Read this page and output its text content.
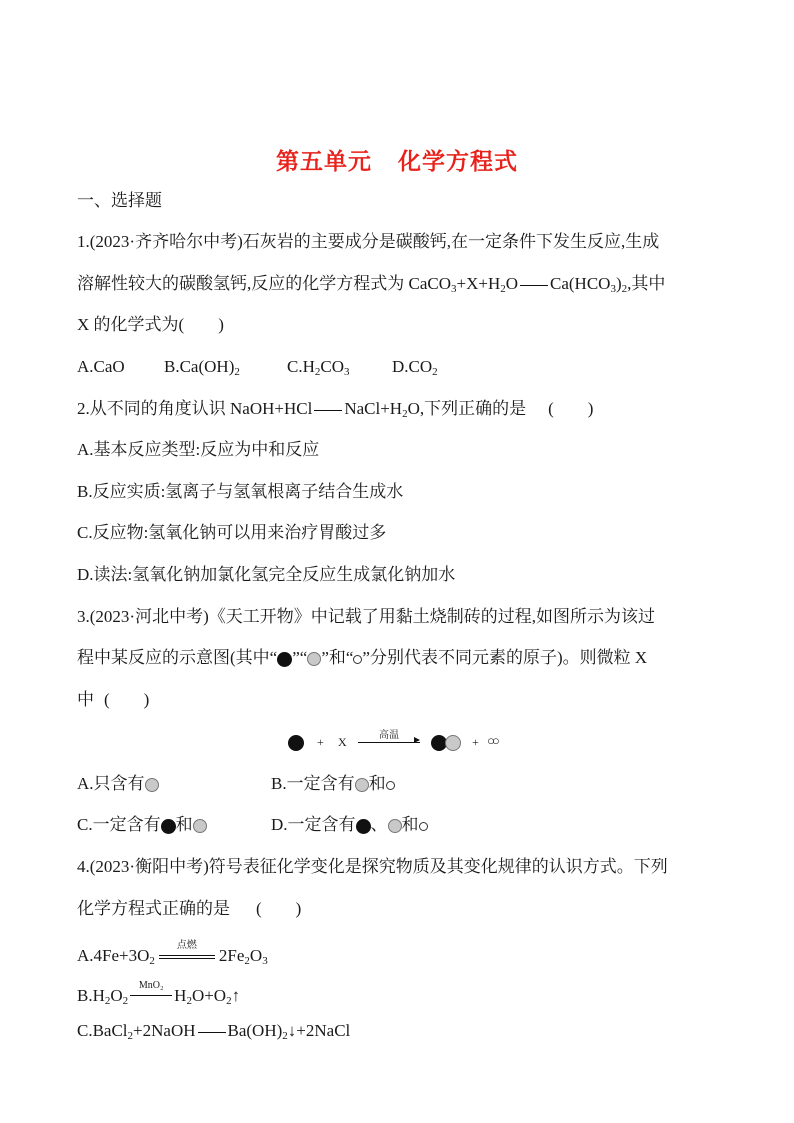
第五单元 化学方程式
一、选择题
1.(2023·齐齐哈尔中考)石灰岩的主要成分是碳酸钙,在一定条件下发生反应,生成
溶解性较大的碳酸氢钙,反应的化学方程式为 $CaCO_3+X+H_2O$ $Ca(HCO_3)_2$,其中
X 的化学式为( )
A.CaO $B.Ca(OH)_2$	$C.H_2CO_3$	$D.CO_2$
2.从不同的角度认识 NaOH+HCl $NaCl+H_2O$,下列正确的是 ( )
A.基本反应类型:反应为中和反应
B.反应实质:氢离子与氢氧根离子结合生成水
C.反应物:氢氧化钠可以用来治疗胃酸过多
D.读法:氢氧化钠加氯化氢完全反应生成氯化钠加水
3.(2023·河北中考)《天工开物》中记载了用黏土烧制砖的过程,如图所示为该过
程中某反应的示意图(其中“ ”“ ”和“ ”分别代表不同元素的原子)。则微粒 X
中 ( )
+ X	高温	+ ○○
A.只含有	B.一定含有 和
C.一定含有 和	D.一定含有 、 和
4.(2023·衡阳中考)符号表征化学变化是探究物质及其变化规律的认识方式。下列
化学方程式正确的是 ( )
$A.4Fe+3O_2$
点燃
$2Fe_2O_3$
$B.H_2O_2$
MnO₂
$H_2O+O_2↑$
C.BaCl$_2$+2NaOH $Ba(OH)_2↓+2NaCl$
